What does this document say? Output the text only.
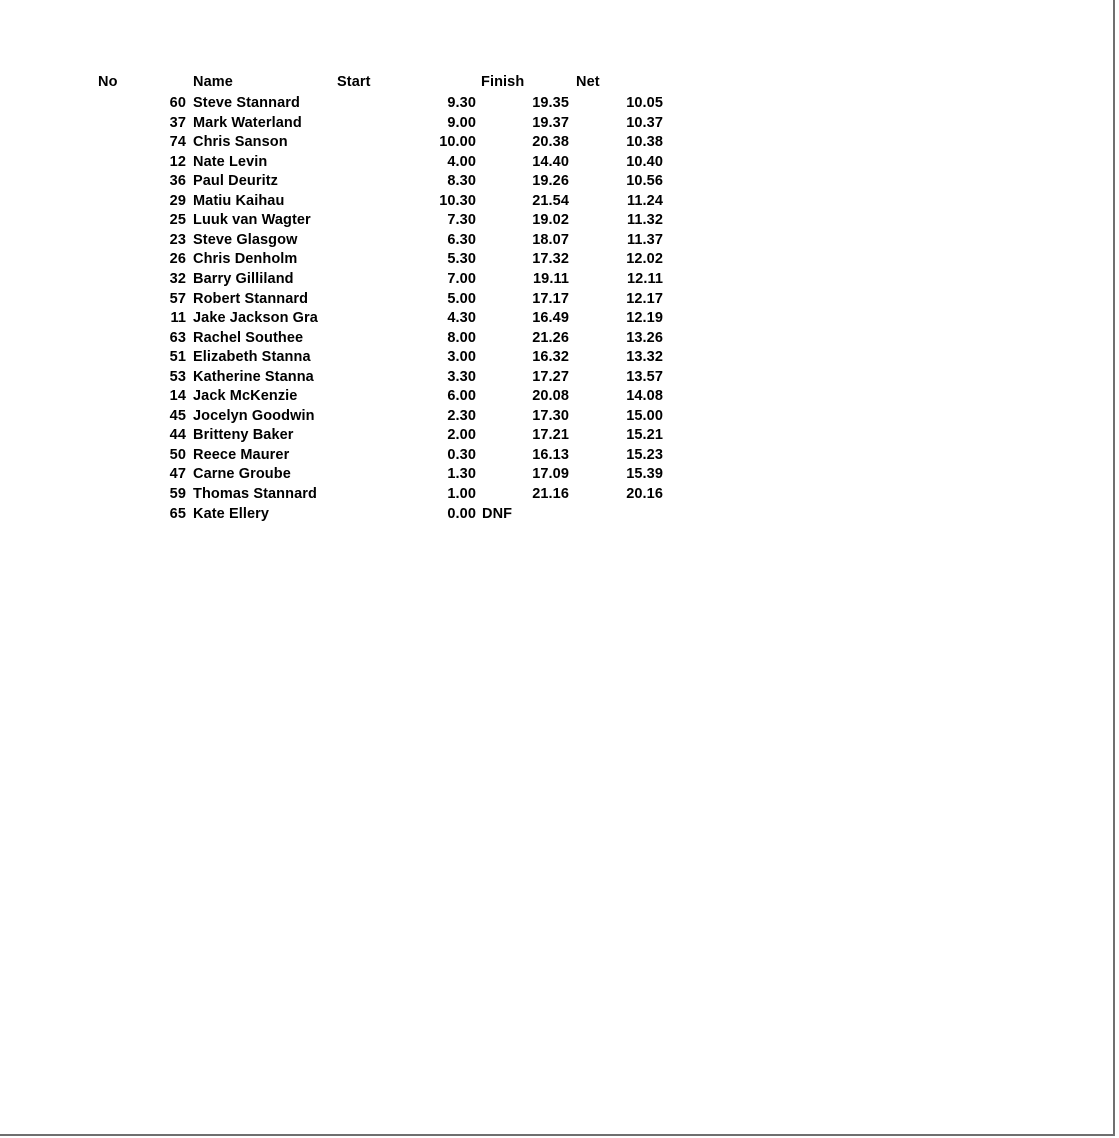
No	Name	Start	Finish	Net
60 Steve Stannard	9.30	19.35	10.05
37 Mark Waterland	9.00	19.37	10.37
74 Chris Sanson	10.00	20.38	10.38
12 Nate Levin	4.00	14.40	10.40
36 Paul Deuritz	8.30	19.26	10.56
29 Matiu Kaihau	10.30	21.54	11.24
25 Luuk van Wagter	7.30	19.02	11.32
23 Steve Glasgow	6.30	18.07	11.37
26 Chris Denholm	5.30	17.32	12.02
32 Barry Gilliland	7.00	19.11	12.11
57 Robert Stannard	5.00	17.17	12.17
11 Jake Jackson Gra	4.30	16.49	12.19
63 Rachel Southee	8.00	21.26	13.26
51 Elizabeth Stanna	3.00	16.32	13.32
53 Katherine Stanna	3.30	17.27	13.57
14 Jack McKenzie	6.00	20.08	14.08
45 Jocelyn Goodwin	2.30	17.30	15.00
44 Britteny Baker	2.00	17.21	15.21
50 Reece Maurer	0.30	16.13	15.23
47 Carne Groube	1.30	17.09	15.39
59 Thomas Stannard	1.00	21.16	20.16
65 Kate Ellery	0.00 DNF
